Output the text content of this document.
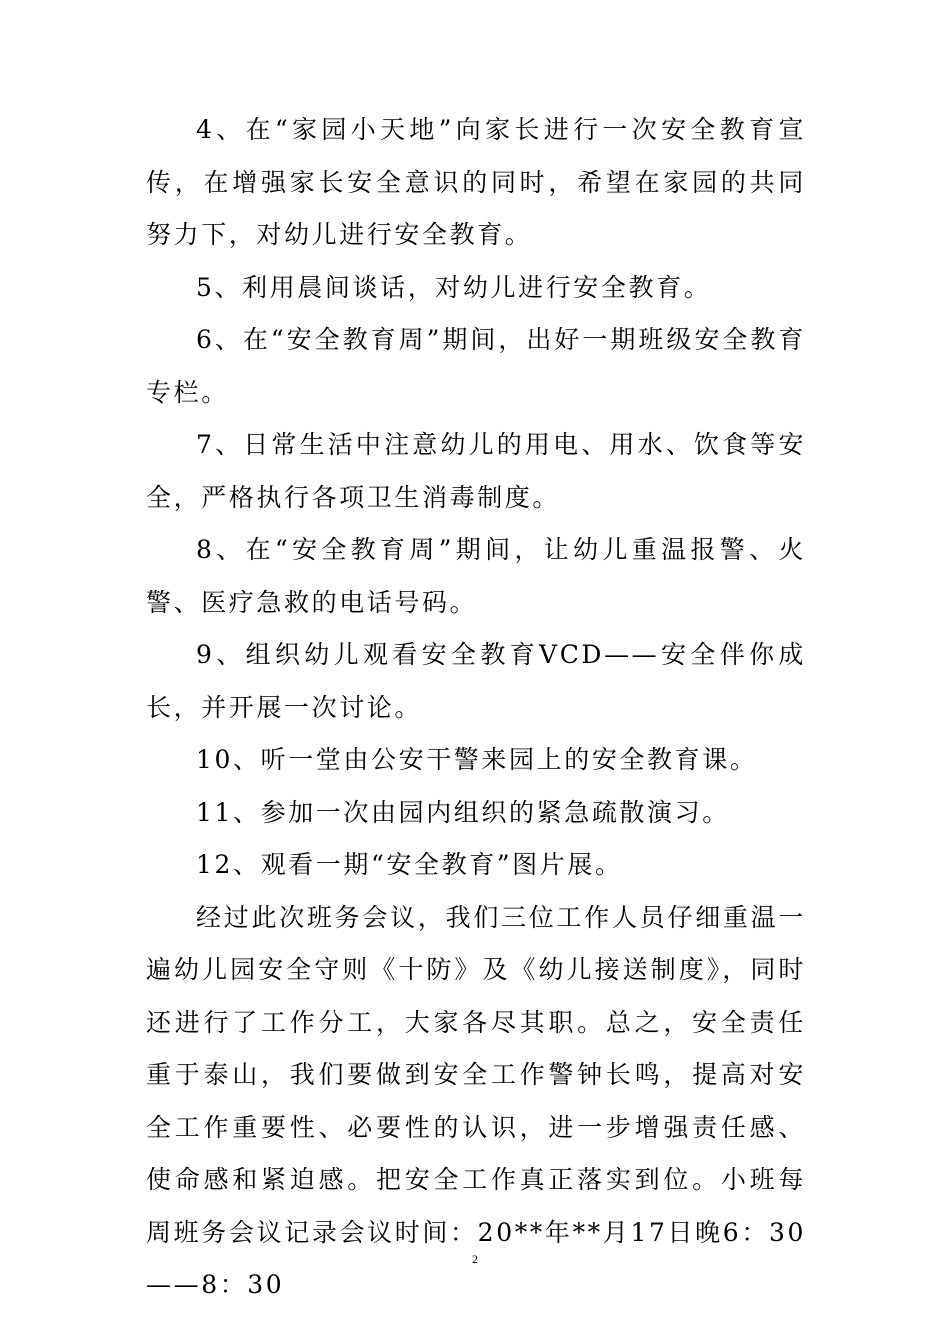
4、在“家园小天地”向家长进行一次安全教育宣传，在增强家长安全意识的同时，希望在家园的共同努力下，对幼儿进行安全教育。

5、利用晨间谈话，对幼儿进行安全教育。

6、在“安全教育周”期间，出好一期班级安全教育专栏。

7、日常生活中注意幼儿的用电、用水、饮食等安全，严格执行各项卫生消毒制度。

8、在“安全教育周”期间，让幼儿重温报警、火警、医疗急救的电话号码。

9、组织幼儿观看安全教育VCD——安全伴你成长，并开展一次讨论。

10、听一堂由公安干警来园上的安全教育课。

11、参加一次由园内组织的紧急疏散演习。

12、观看一期“安全教育”图片展。

经过此次班务会议，我们三位工作人员仔细重温一遍幼儿园安全守则《十防》及《幼儿接送制度》，同时还进行了工作分工，大家各尽其职。总之，安全责任重于泰山，我们要做到安全工作警钟长鸣，提高对安全工作重要性、必要性的认识，进一步增强责任感、使命感和紧迫感。把安全工作真正落实到位。小班每周班务会议记录会议时间：20**年**月17日晚6：30——8：30

2
